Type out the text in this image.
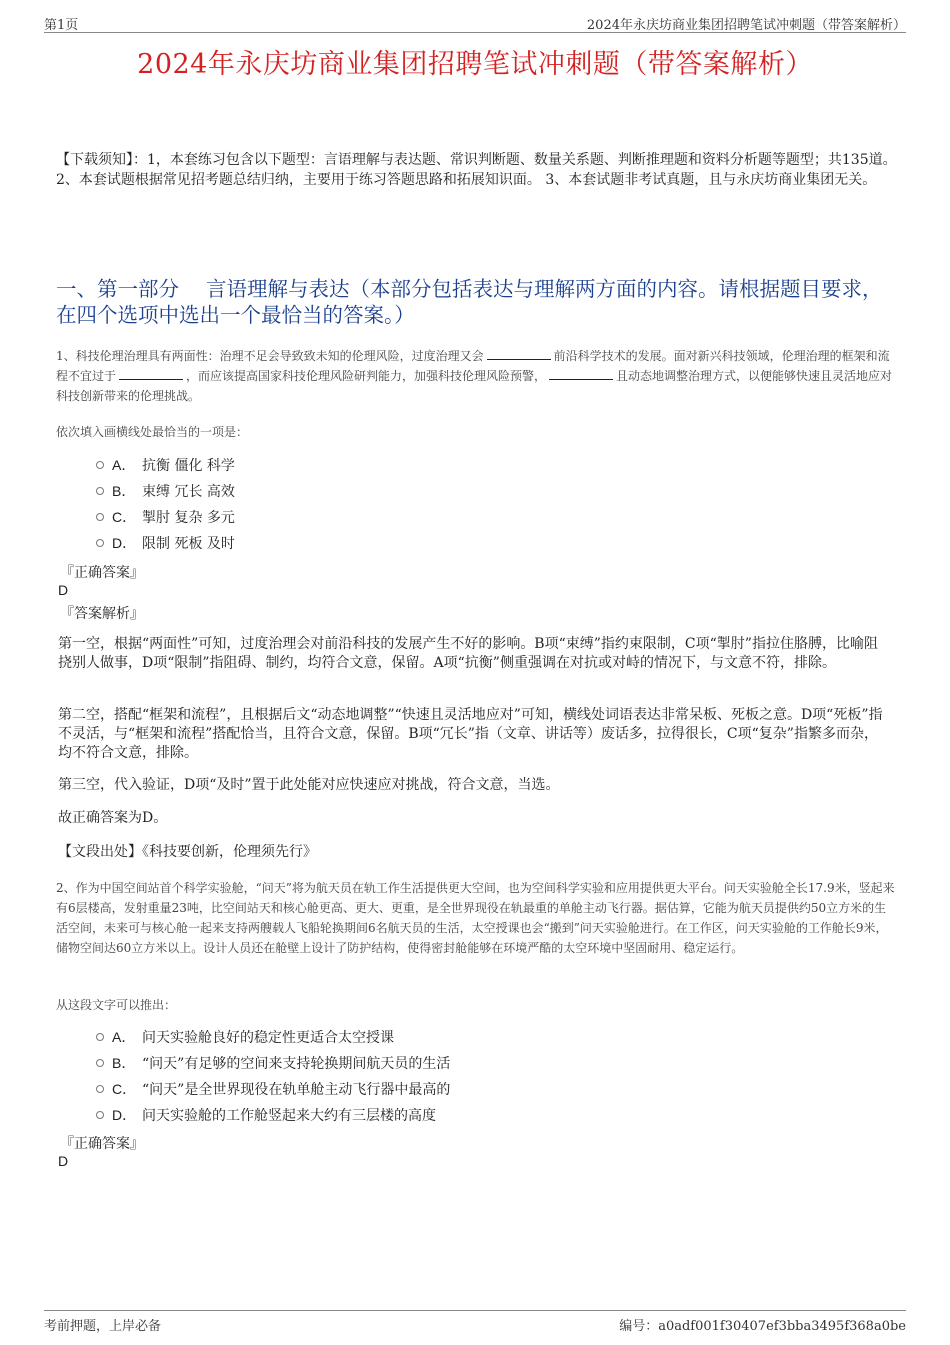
第1页	2024年永庆坊商业集团招聘笔试冲刺题（带答案解析）
2024年永庆坊商业集团招聘笔试冲刺题（带答案解析）
【下载须知】：1，本套练习包含以下题型：言语理解与表达题、常识判断题、数量关系题、判断推理题和资料分析题等题型；共135道。 2、本套试题根据常见招考题总结归纳，主要用于练习答题思路和拓展知识面。 3、本套试题非考试真题，且与永庆坊商业集团无关。
一、第一部分　 言语理解与表达（本部分包括表达与理解两方面的内容。请根据题目要求，在四个选项中选出一个最恰当的答案。）
1、科技伦理治理具有两面性：治理不足会导致致未知的伦理风险，过度治理又会	前沿科学技术的发展。面对新兴科技领域，伦理治理的框架和流程不宜过于	，而应该提高国家科技伦理风险研判能力，加强科技伦理风险预警，	且动态地调整治理方式，以便能够快速且灵活地应对科技创新带来的伦理挑战。
依次填入画横线处最恰当的一项是：
A． 抗衡 僵化 科学
B． 束缚 冗长 高效
C． 掣肘 复杂 多元
D． 限制 死板 及时
『正确答案』
D
『答案解析』
第一空，根据“两面性”可知，过度治理会对前沿科技的发展产生不好的影响。B项“束缚”指约束限制，C项“掣肘”指拉住胳膊，比喻阻挠别人做事，D项“限制”指阻碍、制约，均符合文意，保留。A项“抗衡”侧重强调在对抗或对峙的情况下，与文意不符，排除。
第二空，搭配“框架和流程”，且根据后文“动态地调整”“快速且灵活地应对”可知，横线处词语表达非常呆板、死板之意。D项“死板”指不灵活，与“框架和流程”搭配恰当，且符合文意，保留。B项“冗长”指（文章、讲话等）废话多，拉得很长，C项“复杂”指繁多而杂，均不符合文意，排除。
第三空，代入验证，D项“及时”置于此处能对应快速应对挑战，符合文意，当选。
故正确答案为D。
【文段出处】《科技要创新，伦理须先行》
2、作为中国空间站首个科学实验舱，“问天”将为航天员在轨工作生活提供更大空间，也为空间科学实验和应用提供更大平台。问天实验舱全长17.9米，竖起来有6层楼高，发射重量23吨，比空间站天和核心舱更高、更大、更重，是全世界现役在轨最重的单舱主动飞行器。据估算，它能为航天员提供约50立方米的生活空间，未来可与核心舱一起来支持两艘载人飞船轮换期间6名航天员的生活，太空授课也会“搬到”问天实验舱进行。在工作区，问天实验舱的工作舱长9米，储物空间达60立方米以上。设计人员还在舱壁上设计了防护结构，使得密封舱能够在环境严酷的太空环境中坚固耐用、稳定运行。
从这段文字可以推出：
A． 问天实验舱良好的稳定性更适合太空授课
B． “问天”有足够的空间来支持轮换期间航天员的生活
C． “问天”是全世界现役在轨单舱主动飞行器中最高的
D． 问天实验舱的工作舱竖起来大约有三层楼的高度
『正确答案』
D
考前押题，上岸必备	编号：a0adf001f30407ef3bba3495f368a0be
